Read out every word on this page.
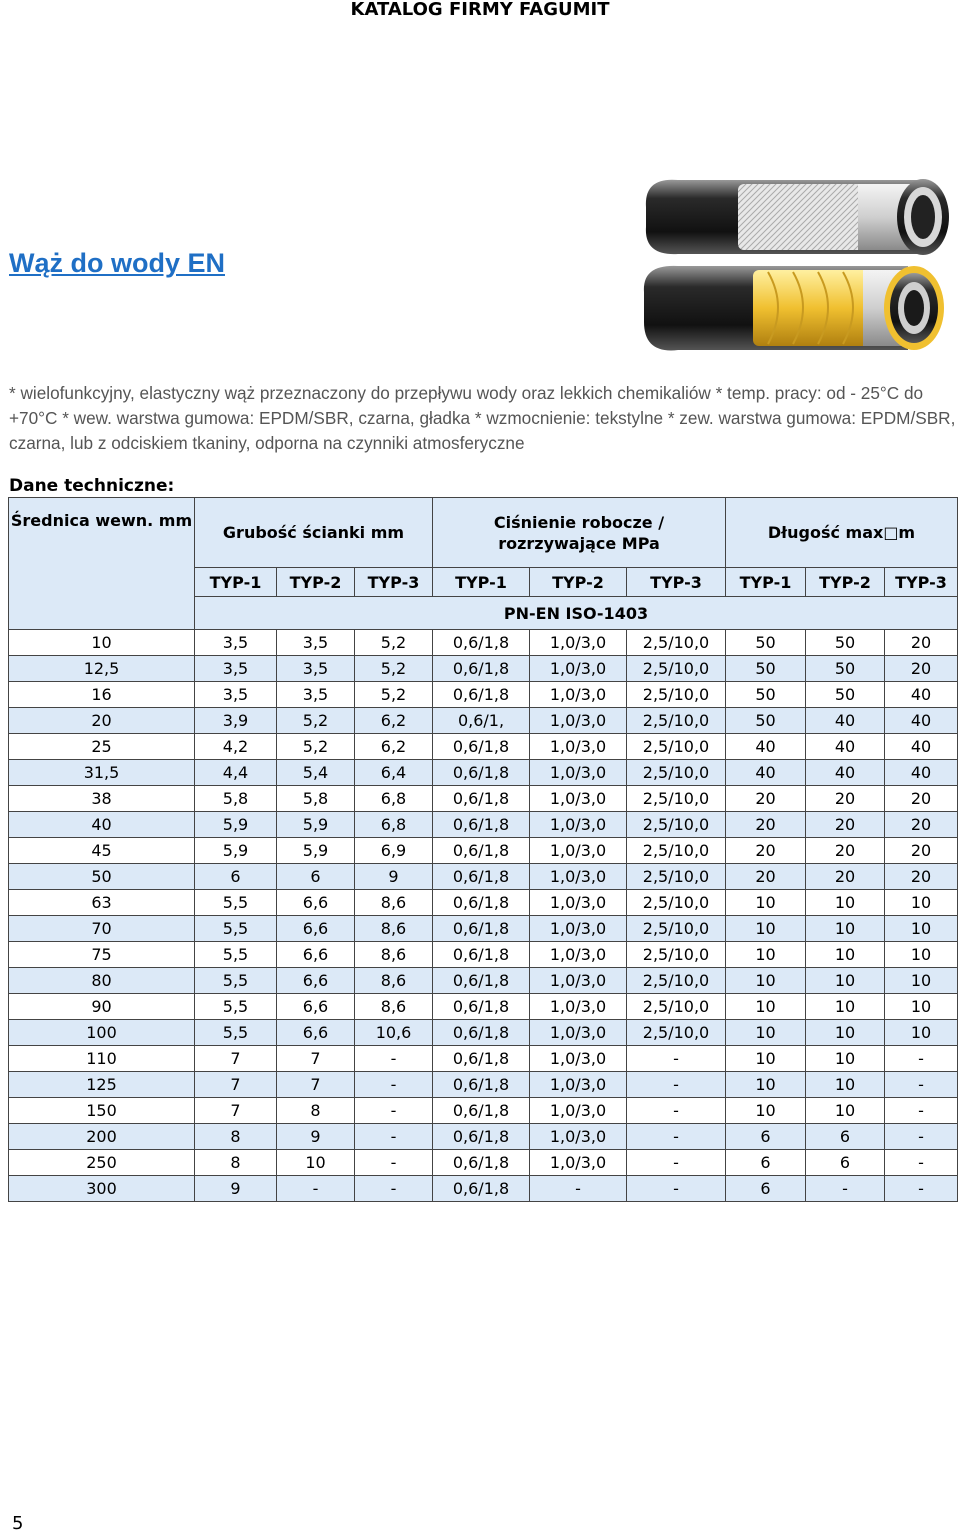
KATALOG FIRMY FAGUMIT
Wąż do wody EN

* wielofunkcyjny, elastyczny wąż przeznaczony do przepływu wody oraz lekkich chemikaliów * temp. pracy: od - 25°C do +70°C * wew. warstwa gumowa: EPDM/SBR, czarna, gładka * wzmocnienie: tekstylne * zew. warstwa gumowa: EPDM/SBR, czarna, lub z odciskiem tkaniny, odporna na czynniki atmosferyczne

Dane techniczne:
Średnica wewn. mm	Grubość ścianki mm			Ciśnienie robocze / rozrzywające MPa			Długość max□m		
	TYP-1	TYP-2	TYP-3	TYP-1	TYP-2	TYP-3	TYP-1	TYP-2	TYP-3
	PN-EN ISO-1403								
10	3,5	3,5	5,2	0,6/1,8	1,0/3,0	2,5/10,0	50	50	20
12,5	3,5	3,5	5,2	0,6/1,8	1,0/3,0	2,5/10,0	50	50	20
16	3,5	3,5	5,2	0,6/1,8	1,0/3,0	2,5/10,0	50	50	40
20	3,9	5,2	6,2	0,6/1,	1,0/3,0	2,5/10,0	50	40	40
25	4,2	5,2	6,2	0,6/1,8	1,0/3,0	2,5/10,0	40	40	40
31,5	4,4	5,4	6,4	0,6/1,8	1,0/3,0	2,5/10,0	40	40	40
38	5,8	5,8	6,8	0,6/1,8	1,0/3,0	2,5/10,0	20	20	20
40	5,9	5,9	6,8	0,6/1,8	1,0/3,0	2,5/10,0	20	20	20
45	5,9	5,9	6,9	0,6/1,8	1,0/3,0	2,5/10,0	20	20	20
50	6	6	9	0,6/1,8	1,0/3,0	2,5/10,0	20	20	20
63	5,5	6,6	8,6	0,6/1,8	1,0/3,0	2,5/10,0	10	10	10
70	5,5	6,6	8,6	0,6/1,8	1,0/3,0	2,5/10,0	10	10	10
75	5,5	6,6	8,6	0,6/1,8	1,0/3,0	2,5/10,0	10	10	10
80	5,5	6,6	8,6	0,6/1,8	1,0/3,0	2,5/10,0	10	10	10
90	5,5	6,6	8,6	0,6/1,8	1,0/3,0	2,5/10,0	10	10	10
100	5,5	6,6	10,6	0,6/1,8	1,0/3,0	2,5/10,0	10	10	10
110	7	7	-	0,6/1,8	1,0/3,0	-	10	10	-
125	7	7	-	0,6/1,8	1,0/3,0	-	10	10	-
150	7	8	-	0,6/1,8	1,0/3,0	-	10	10	-
200	8	9	-	0,6/1,8	1,0/3,0	-	6	6	-
250	8	10	-	0,6/1,8	1,0/3,0	-	6	6	-
300	9	-	-	0,6/1,8	-	-	6	-	-
5
